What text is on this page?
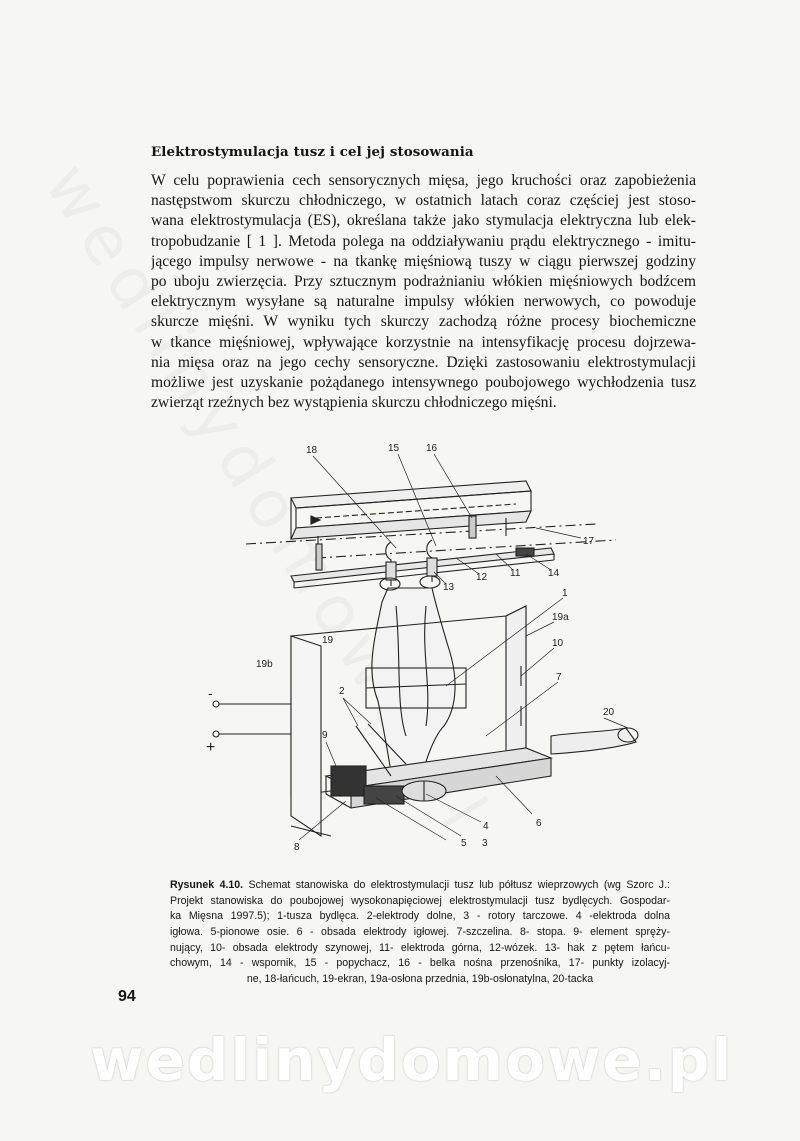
Elektrostymulacja tusz i cel jej stosowania
W celu poprawienia cech sensorycznych mięsa, jego kruchości oraz zapobieżenia
następstwom skurczu chłodniczego, w ostatnich latach coraz częściej jest stoso-
wana elektrostymulacja (ES), określana także jako stymulacja elektryczna lub elek-
tropobudzanie [ 1 ]. Metoda polega na oddziaływaniu prądu elektrycznego - imitu-
jącego impulsy nerwowe - na tkankę mięśniową tuszy w ciągu pierwszej godziny
po uboju zwierzęcia. Przy sztucznym podrażnianiu włókien mięśniowych bodźcem
elektrycznym wysyłane są naturalne impulsy włókien nerwowych, co powoduje
skurcze mięśni. W wyniku tych skurczy zachodzą różne procesy biochemiczne
w tkance mięśniowej, wpływające korzystnie na intensyfikację procesu dojrzewa-
nia mięsa oraz na jego cechy sensoryczne. Dzięki zastosowaniu elektrostymulacji
możliwe jest uzyskanie pożądanego intensywnego poubojowego wychłodzenia tusz
zwierząt rzeźnych bez wystąpienia skurczu chłodniczego mięśni.
18	15	16
17
14
11
12
13
1
19a
10
7
20
19
19b
2
9
6
4
5 3
8
-
+
Rysunek 4.10. Schemat stanowiska do elektrostymulacji tusz lub półtusz wieprzowych (wg Szorc J.:
Projekt stanowiska do poubojowej wysokonapięciowej elektrostymulacji tusz bydlęcych. Gospodar-
ka Mięsna 1997.5); 1-tusza bydlęca. 2-elektrody dolne, 3 - rotory tarczowe. 4 -elektroda dolna
igłowa. 5-pionowe osie. 6 - obsada elektrody igłowej. 7-szczelina. 8- stopa. 9- element spręży-
nujący, 10- obsada elektrody szynowej, 11- elektroda górna, 12-wózek. 13- hak z pętem łańcu-
chowym, 14 - wspornik, 15 - popychacz, 16 - belka nośna przenośnika, 17- punkty izolacyj-
ne, 18-łańcuch, 19-ekran, 19a-osłona przednia, 19b-osłonatylna, 20-tacka
94
wedlinydomowe.pl
